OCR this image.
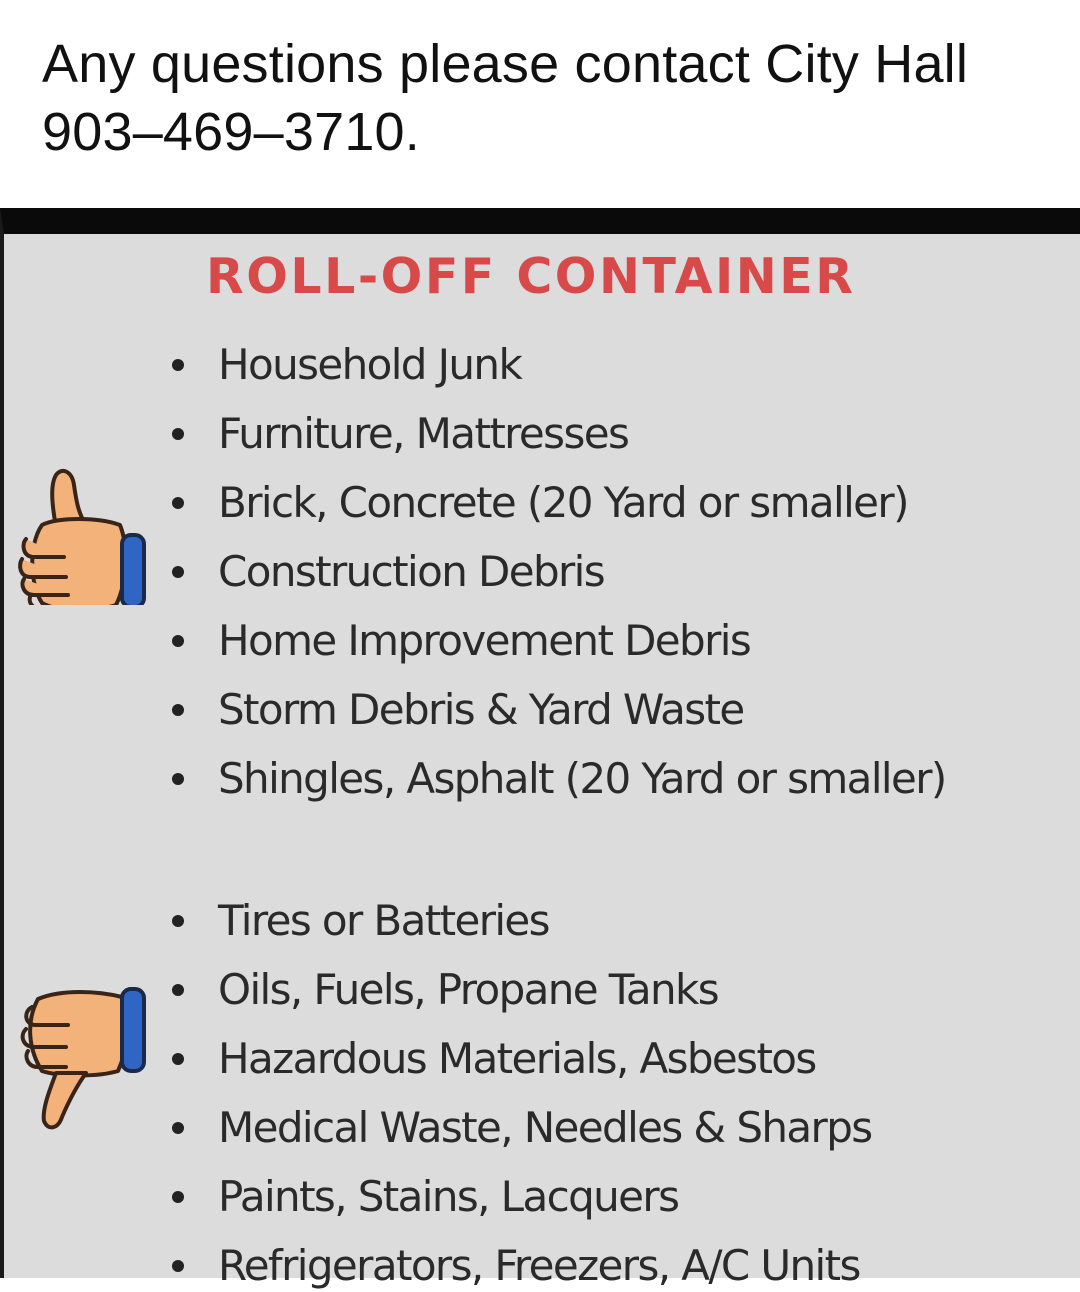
Any questions please contact City Hall 903–469–3710.
ROLL-OFF CONTAINER
Household Junk
Furniture, Mattresses
Brick, Concrete (20 Yard or smaller)
Construction Debris
Home Improvement Debris
Storm Debris & Yard Waste
Shingles, Asphalt (20 Yard or smaller)
Tires or Batteries
Oils, Fuels, Propane Tanks
Hazardous Materials, Asbestos
Medical Waste, Needles & Sharps
Paints, Stains, Lacquers
Refrigerators, Freezers, A/C Units
